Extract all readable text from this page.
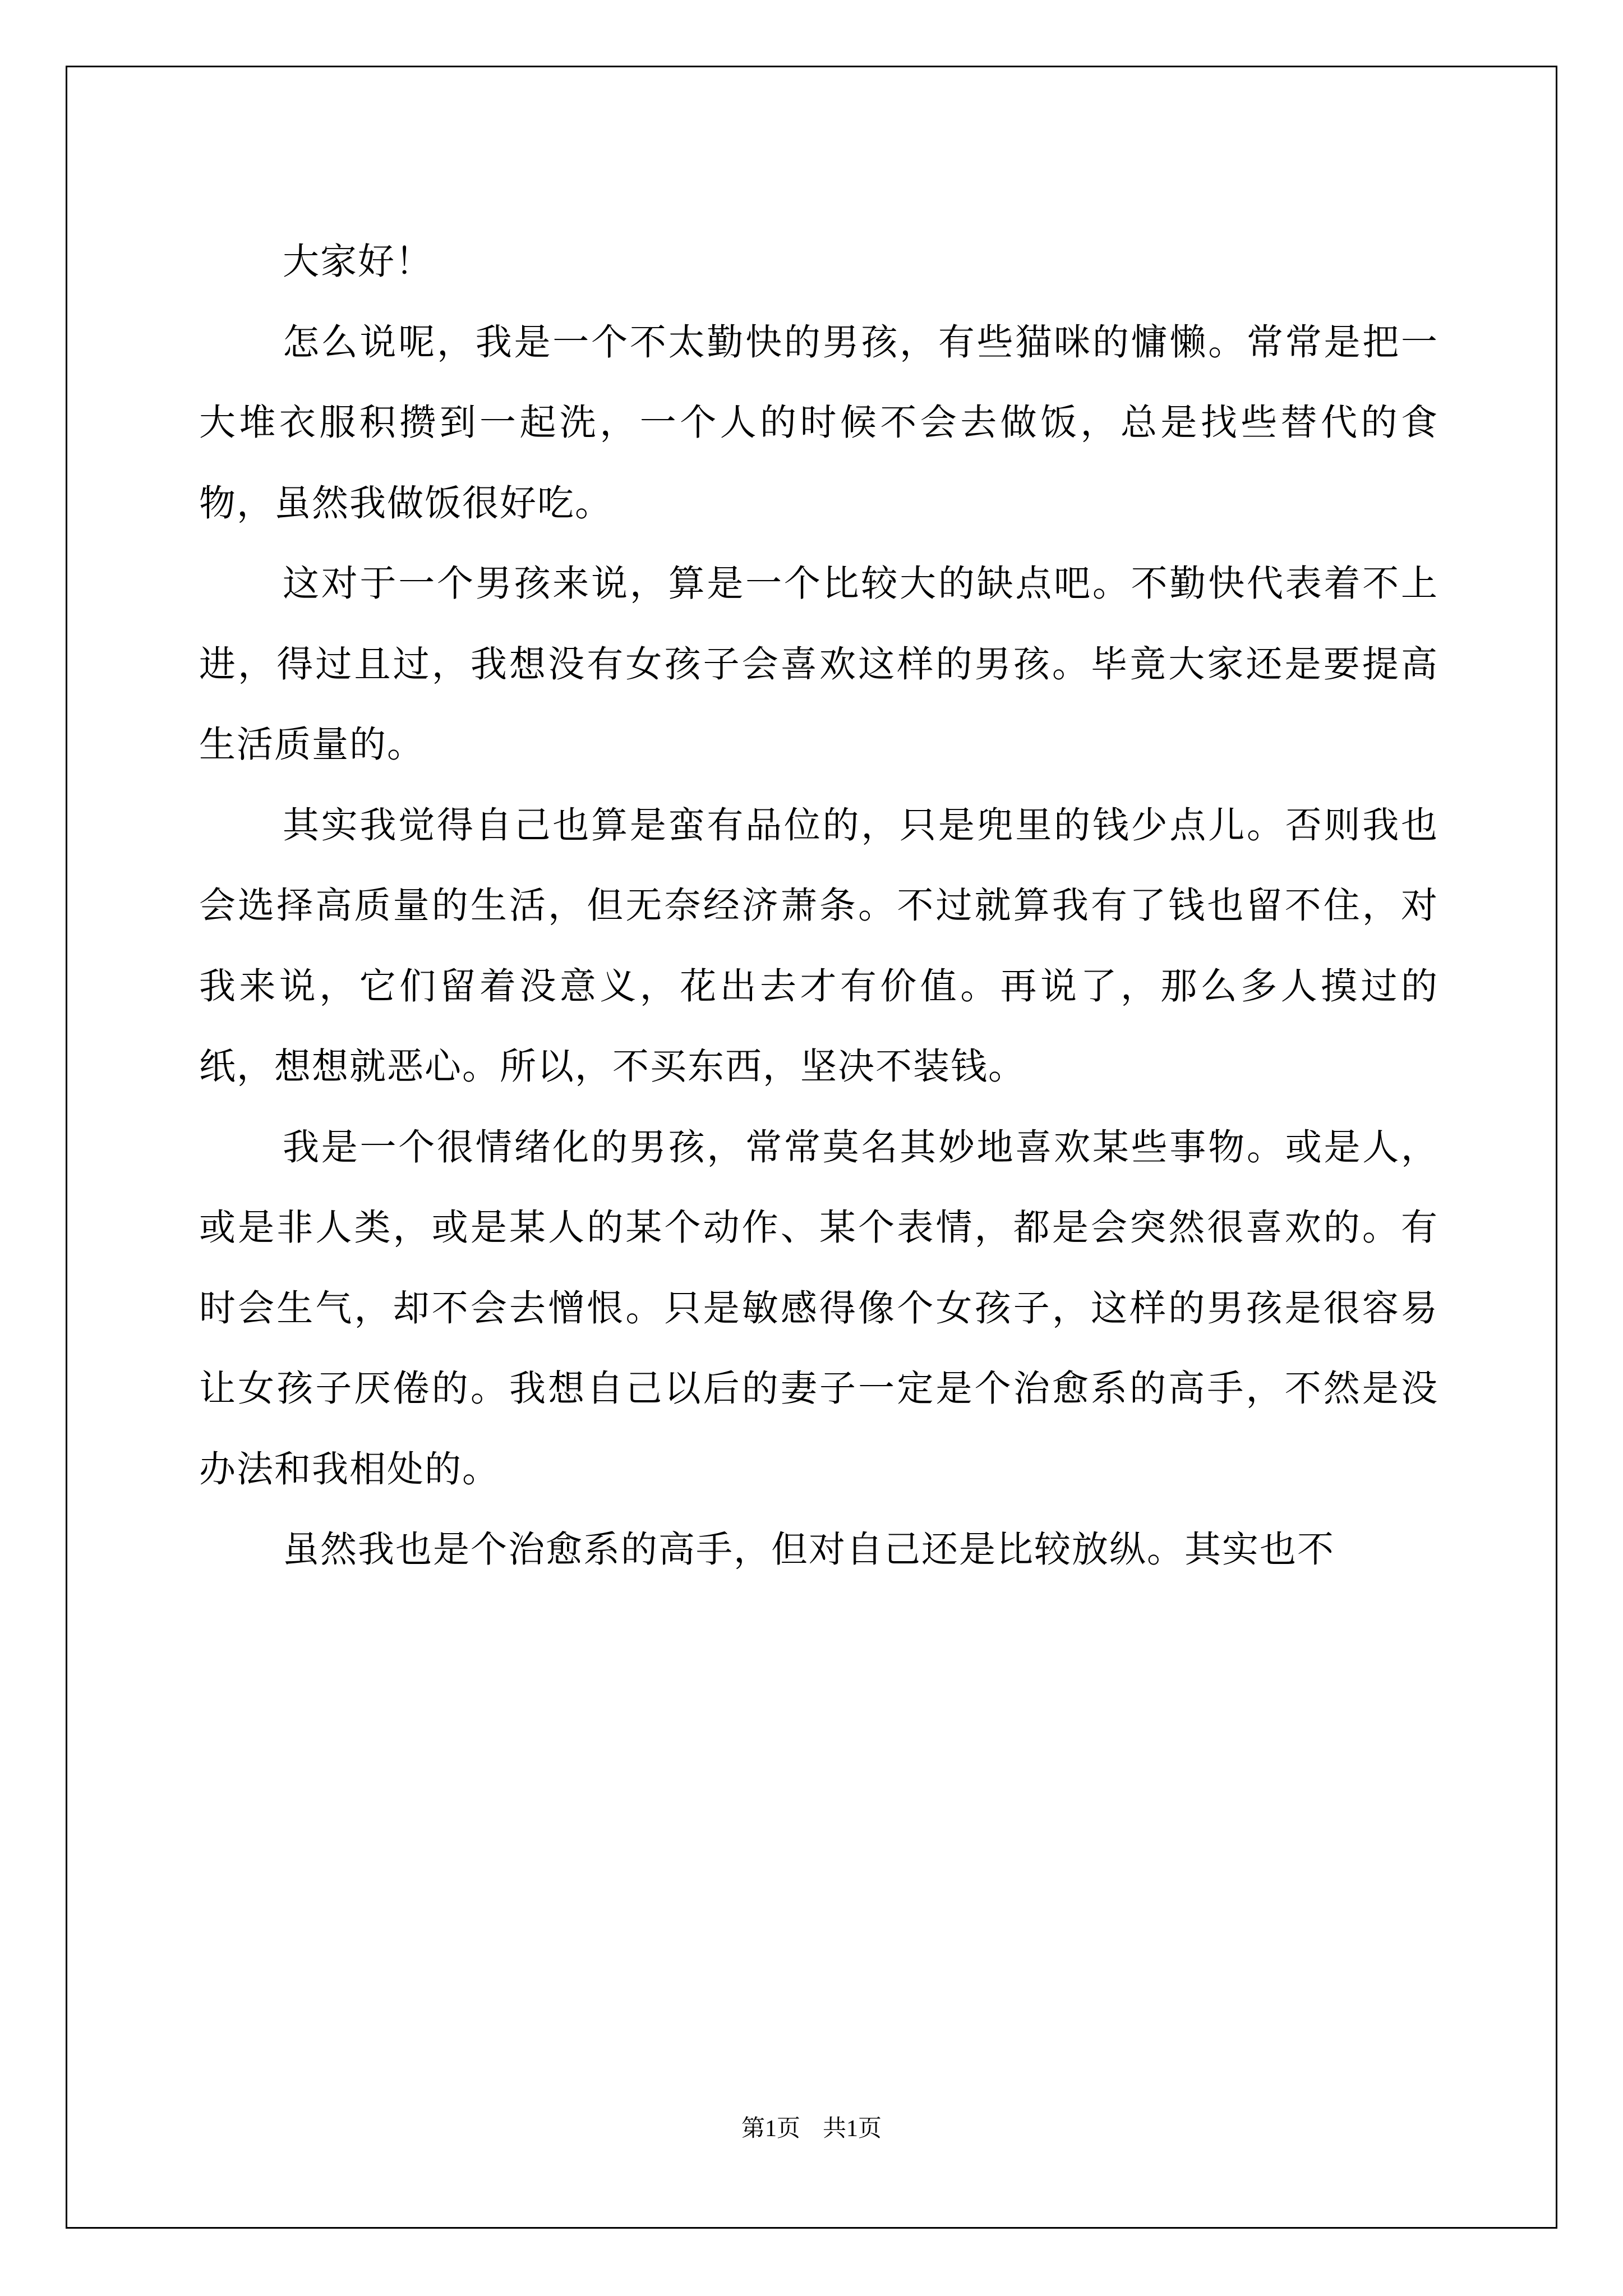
大家好！

怎么说呢，我是一个不太勤快的男孩，有些猫咪的慵懒。常常是把一大堆衣服积攒到一起洗，一个人的时候不会去做饭，总是找些替代的食物，虽然我做饭很好吃。

这对于一个男孩来说，算是一个比较大的缺点吧。不勤快代表着不上进，得过且过，我想没有女孩子会喜欢这样的男孩。毕竟大家还是要提高生活质量的。

其实我觉得自己也算是蛮有品位的，只是兜里的钱少点儿。否则我也会选择高质量的生活，但无奈经济萧条。不过就算我有了钱也留不住，对我来说，它们留着没意义，花出去才有价值。再说了，那么多人摸过的纸，想想就恶心。所以，不买东西，坚决不装钱。

我是一个很情绪化的男孩，常常莫名其妙地喜欢某些事物。或是人，或是非人类，或是某人的某个动作、某个表情，都是会突然很喜欢的。有时会生气，却不会去憎恨。只是敏感得像个女孩子，这样的男孩是很容易让女孩子厌倦的。我想自己以后的妻子一定是个治愈系的高手，不然是没办法和我相处的。

虽然我也是个治愈系的高手，但对自己还是比较放纵。其实也不

第1页 共1页
